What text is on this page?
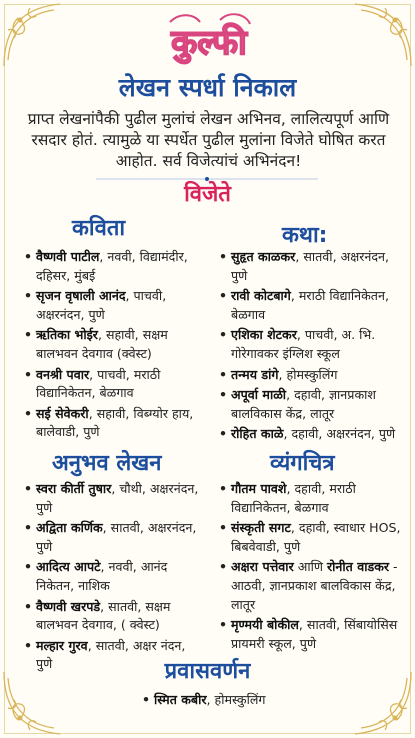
कुल्फी
लेखन स्पर्धा निकाल
प्राप्त लेखनांपैकी पुढील मुलांचं लेखन अभिनव, लालित्यपूर्ण आणि रसदार होतं. त्यामुळे या स्पर्धेत पुढील मुलांना विजेते घोषित करत आहोत. सर्व विजेत्यांचं अभिनंदन!
विजेते
कविता
• वैष्णवी पाटील, नववी, विद्यामंदीर, दहिसर, मुंबई
• सृजन वृषाली आनंद, पाचवी, अक्षरनंदन, पुणे
• ऋतिका भोईर, सहावी, सक्षम बालभवन देवगाव (क्वेस्ट)
• वनश्री पवार, पाचवी, मराठी विद्यानिकेतन, बेळगाव
• सई सेवेकरी, सहावी, विब्ग्योर हाय, बालेवाडी, पुणे
कथा:
• सुहृत काळकर, सातवी, अक्षरनंदन, पुणे
• रावी कोटबागे, मराठी विद्यानिकेतन, बेळगाव
• एशिका शेटकर, पाचवी, अ. भि. गोरेगावकर इंग्लिश स्कूल
• तन्मय डांगे, होमस्कुलिंग
• अपूर्वा माळी, दहावी, ज्ञानप्रकाश बालविकास केंद्र, लातूर
• रोहित काळे, दहावी, अक्षरनंदन, पुणे
अनुभव लेखन
• स्वरा कीर्ती तुषार, चौथी, अक्षरनंदन, पुणे
• अद्विता कर्णिक, सातवी, अक्षरनंदन, पुणे
• आदित्य आपटे, नववी, आनंद निकेतन, नाशिक
• वैष्णवी खरपडे, सातवी, सक्षम बालभवन देवगाव, ( क्वेस्ट)
• मल्हार गुरव, सातवी, अक्षर नंदन, पुणे
व्यंगचित्र
• गौतम पावशे, दहावी, मराठी विद्यानिकेतन, बेळगाव
• संस्कृती सगट, दहावी, स्वाधार HOS, बिबवेवाडी, पुणे
• अक्षरा पत्तेवार आणि रोनीत वाडकर - आठवी, ज्ञानप्रकाश बालविकास केंद्र, लातूर
• मृण्मयी बोकील, सातवी, सिंबायोसिस प्रायमरी स्कूल, पुणे
प्रवासवर्णन
• स्मित कबीर, होमस्कुलिंग
